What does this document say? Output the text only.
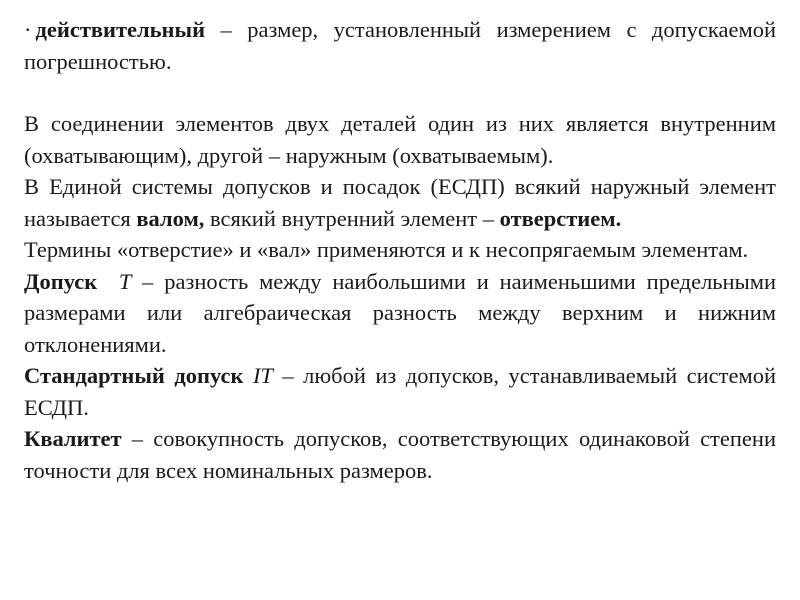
· действительный – размер, установленный измерением с допускаемой погрешностью.

В соединении элементов двух деталей один из них является внутренним (охватывающим), другой – наружным (охватываемым).

В Единой системы допусков и посадок (ЕСДП) всякий наружный элемент называется валом, всякий внутренний элемент – отверстием.

Термины «отверстие» и «вал» применяются и к несопрягаемым элементам.

Допуск Т – разность между наибольшими и наименьшими предельными размерами или алгебраическая разность между верхним и нижним отклонениями.

Стандартный допуск IT – любой из допусков, устанавливаемый системой ЕСДП.

Квалитет – совокупность допусков, соответствующих одинаковой степени точности для всех номинальных размеров.
